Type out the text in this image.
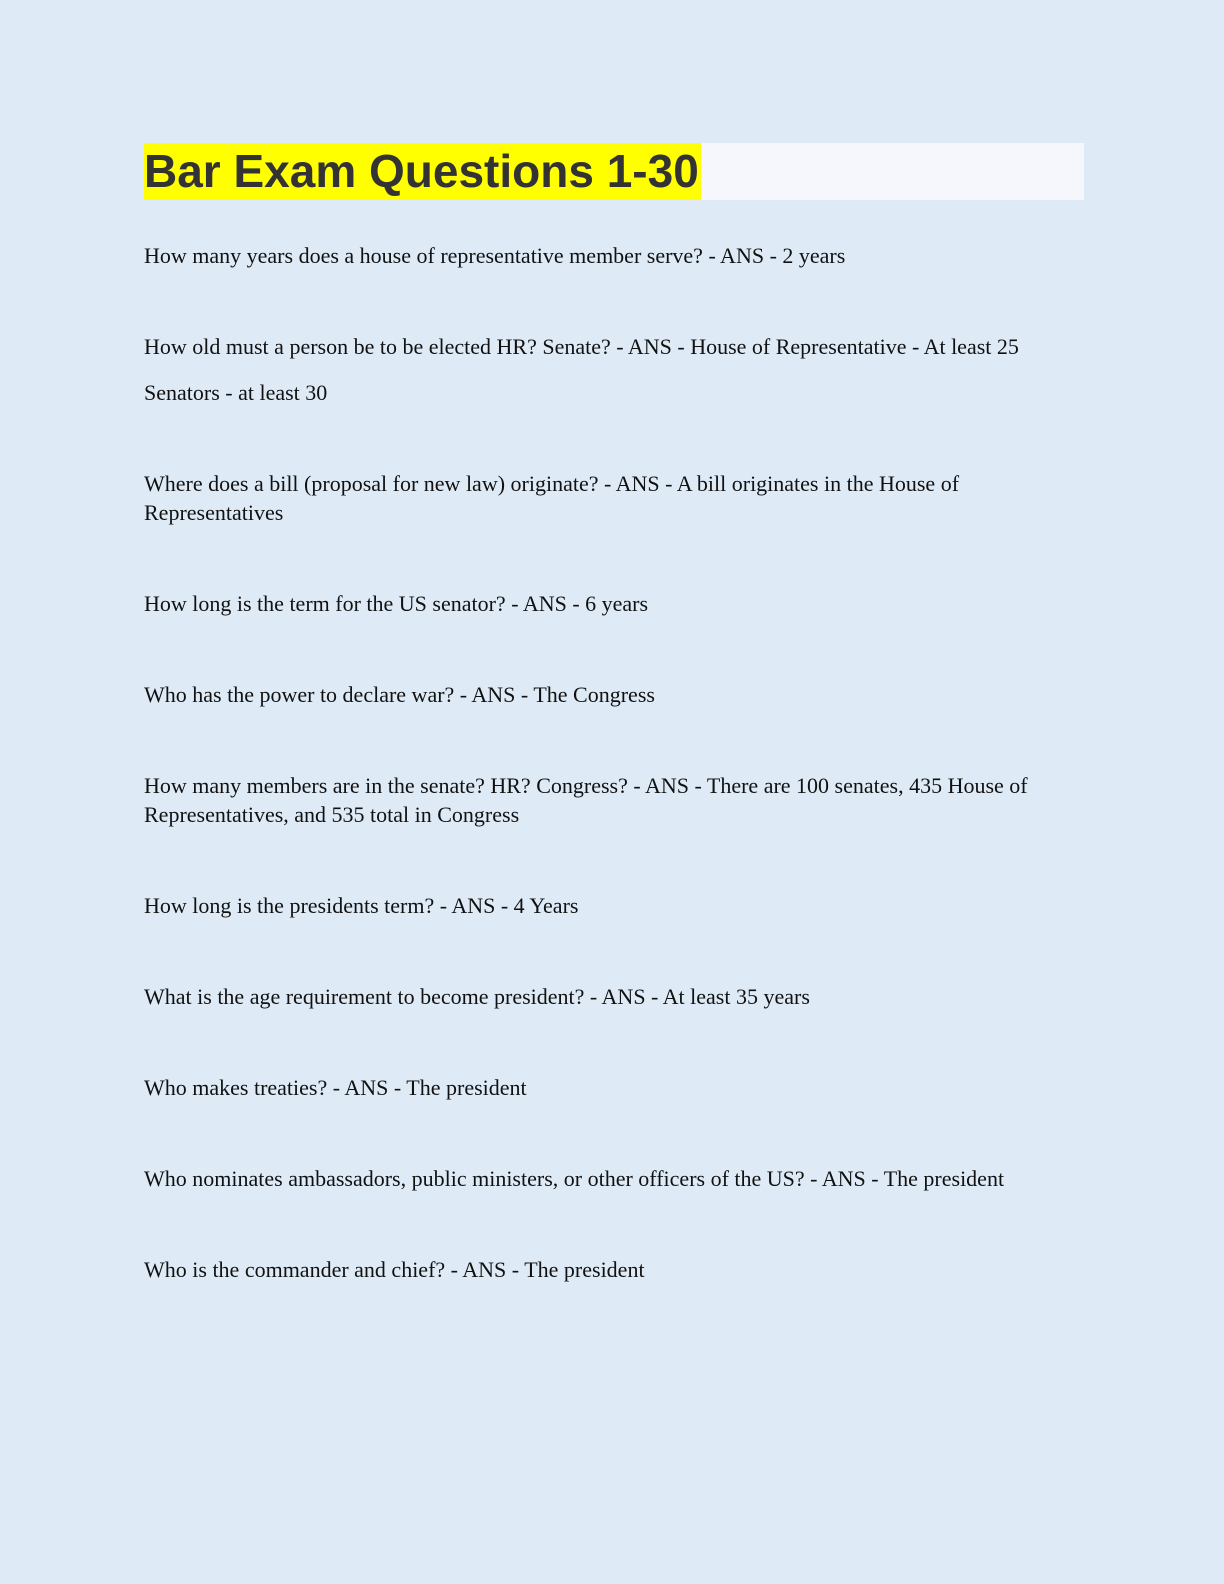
Bar Exam Questions 1-30
How many years does a house of representative member serve? - ANS - 2 years
How old must a person be to be elected HR? Senate? - ANS - House of Representative - At least 25
Senators - at least 30
Where does a bill (proposal for new law) originate? - ANS - A bill originates in the House of Representatives
How long is the term for the US senator? - ANS - 6 years
Who has the power to declare war? - ANS - The Congress
How many members are in the senate? HR? Congress? - ANS - There are 100 senates, 435 House of Representatives, and 535 total in Congress
How long is the presidents term? - ANS - 4 Years
What is the age requirement to become president? - ANS - At least 35 years
Who makes treaties? - ANS - The president
Who nominates ambassadors, public ministers, or other officers of the US? - ANS - The president
Who is the commander and chief? - ANS - The president
